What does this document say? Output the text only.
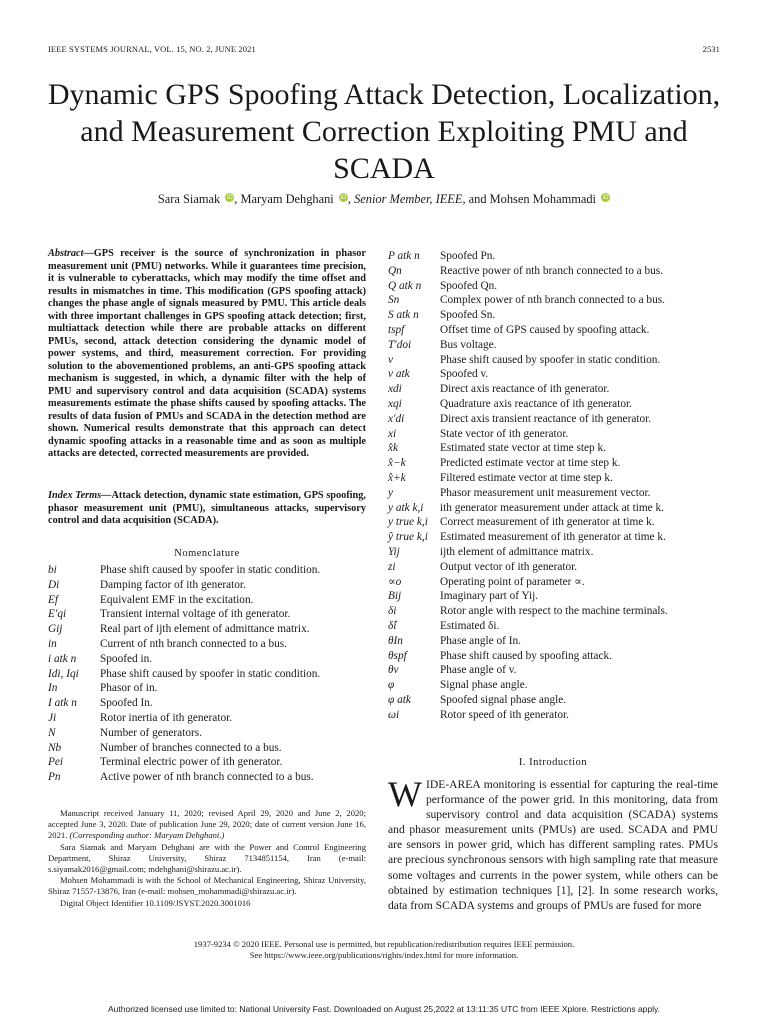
IEEE SYSTEMS JOURNAL, VOL. 15, NO. 2, JUNE 2021	2531
Dynamic GPS Spoofing Attack Detection, Localization, and Measurement Correction Exploiting PMU and SCADA
Sara Siamak iD, Maryam Dehghani iD, Senior Member, IEEE, and Mohsen Mohammadi iD
Abstract—GPS receiver is the source of synchronization in phasor measurement unit (PMU) networks. While it guarantees time precision, it is vulnerable to cyberattacks, which may modify the time offset and results in mismatches in time. This modification (GPS spoofing attack) changes the phase angle of signals measured by PMU. This article deals with three important challenges in GPS spoofing attack detection; first, multiattack detection while there are probable attacks on different PMUs, second, attack detection considering the dynamic model of power systems, and third, measurement correction. For providing solution to the abovementioned problems, an anti-GPS spoofing attack mechanism is suggested, in which, a dynamic filter with the help of PMU and supervisory control and data acquisition (SCADA) systems measurements estimate the phase shifts caused by spoofing attacks. The results of data fusion of PMUs and SCADA in the detection method are shown. Numerical results demonstrate that this approach can detect dynamic spoofing attacks in a reasonable time and as soon as multiple attacks are detected, corrected measurements are provided.
Index Terms—Attack detection, dynamic state estimation, GPS spoofing, phasor measurement unit (PMU), simultaneous attacks, supervisory control and data acquisition (SCADA).
Nomenclature
bi	Phase shift caused by spoofer in static condition.
Di	Damping factor of ith generator.
Ef	Equivalent EMF in the excitation.
E′qi	Transient internal voltage of ith generator.
Gij	Real part of ijth element of admittance matrix.
in	Current of nth branch connected to a bus.
i atk n	Spoofed in.
Idi, Iqi	Phase shift caused by spoofer in static condition.
In	Phasor of in.
I atk n	Spoofed In.
Ji	Rotor inertia of ith generator.
N	Number of generators.
Nb	Number of branches connected to a bus.
Pei	Terminal electric power of ith generator.
Pn	Active power of nth branch connected to a bus.
P atk n	Spoofed Pn.
Qn	Reactive power of nth branch connected to a bus.
Q atk n	Spoofed Qn.
Sn	Complex power of nth branch connected to a bus.
S atk n	Spoofed Sn.
tspf	Offset time of GPS caused by spoofing attack.
T′doi	Bus voltage.
v	Phase shift caused by spoofer in static condition.
v atk	Spoofed v.
xdi	Direct axis reactance of ith generator.
xqi	Quadrature axis reactance of ith generator.
x′di	Direct axis transient reactance of ith generator.
xi	State vector of ith generator.
x̂k	Estimated state vector at time step k.
x̂−k	Predicted estimate vector at time step k.
x̂+k	Filtered estimate vector at time step k.
y	Phasor measurement unit measurement vector.
y atk k,i	ith generator measurement under attack at time k.
y true k,i	Correct measurement of ith generator at time k.
ŷ true k,i	Estimated measurement of ith generator at time k.
Yij	ijth element of admittance matrix.
zi	Output vector of ith generator.
∝o	Operating point of parameter ∝.
Bij	Imaginary part of Yij.
δi	Rotor angle with respect to the machine terminals.
δ̂i	Estimated δi.
θIn	Phase angle of In.
θspf	Phase shift caused by spoofing attack.
θv	Phase angle of v.
φ	Signal phase angle.
φ atk	Spoofed signal phase angle.
ωi	Rotor speed of ith generator.

Manuscript received January 11, 2020; revised April 29, 2020 and June 2, 2020; accepted June 3, 2020. Date of publication June 29, 2020; date of current version June 16, 2021. (Corresponding author: Maryam Dehghani.)

Sara Siamak and Maryam Dehghani are with the Power and Control Engineering Department, Shiraz University, Shiraz 7134851154, Iran (e-mail: s.siyamak2016@gmail.com; mdehghani@shirazu.ac.ir).

Mohsen Mohammadi is with the School of Mechanical Engineering, Shiraz University, Shiraz 71557-13876, Iran (e-mail: mohsen_mohammadi@shirazu.ac.ir).

Digital Object Identifier 10.1109/JSYST.2020.3001016

I. Introduction
WIDE-AREA monitoring is essential for capturing the real-time performance of the power grid. In this monitoring, data from supervisory control and data acquisition (SCADA) systems and phasor measurement units (PMUs) are used. SCADA and PMU are sensors in power grid, which has different sampling rates. PMUs are precious synchronous sensors with high sampling rate that measure some voltages and currents in the power system, while others can be obtained by estimation techniques [1], [2]. In some research works, data from SCADA systems and groups of PMUs are fused for more
1937-9234 © 2020 IEEE. Personal use is permitted, but republication/redistribution requires IEEE permission.
See https://www.ieee.org/publications/rights/index.html for more information.
Authorized licensed use limited to: National University Fast. Downloaded on August 25,2022 at 13:11:35 UTC from IEEE Xplore. Restrictions apply.
